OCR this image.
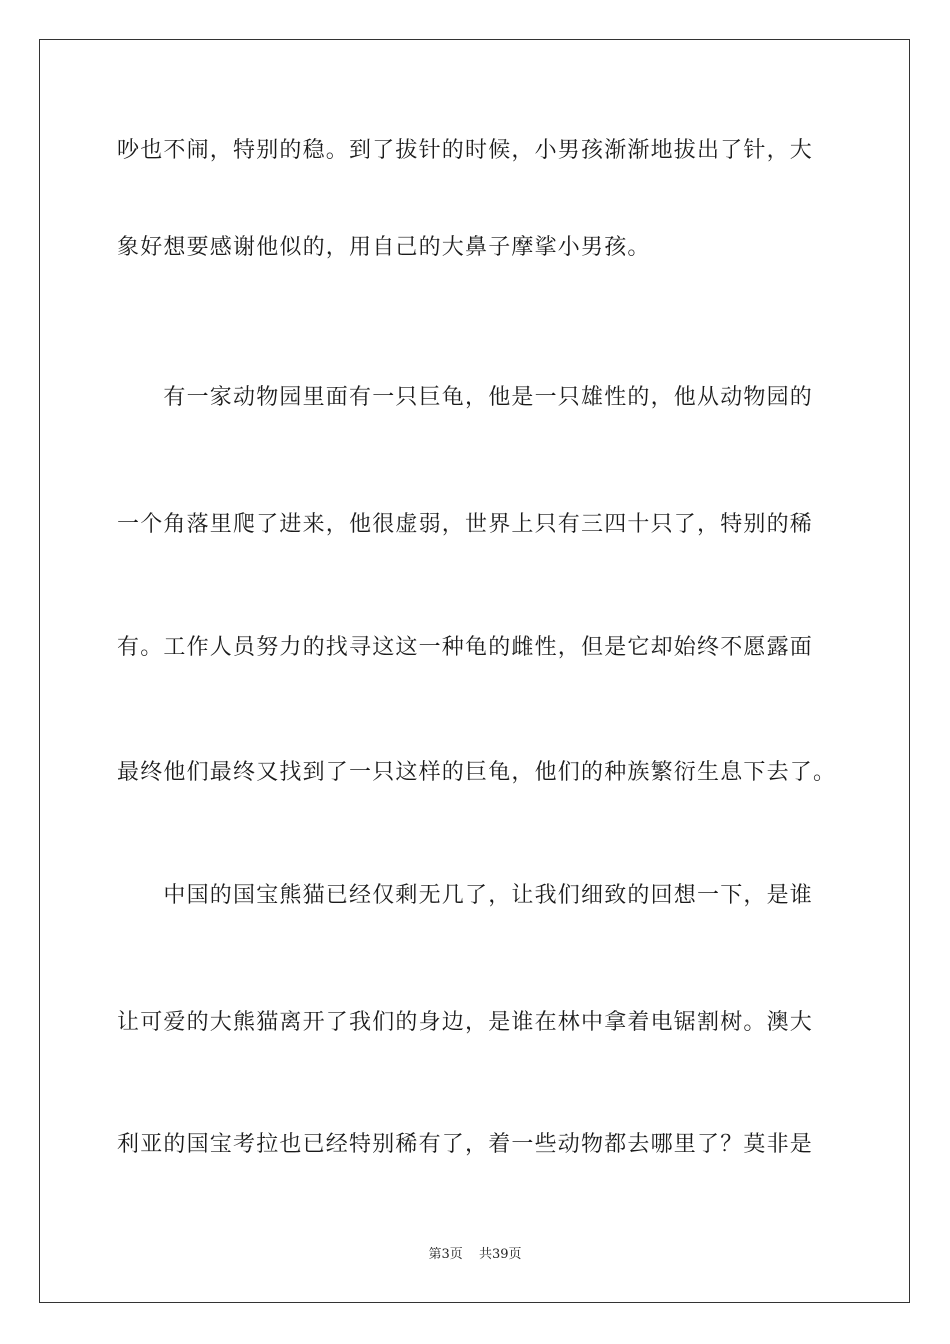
吵也不闹，特别的稳。到了拔针的时候，小男孩渐渐地拔出了针，大
象好想要感谢他似的，用自己的大鼻子摩挲小男孩。
　　有一家动物园里面有一只巨龟，他是一只雄性的，他从动物园的
一个角落里爬了进来，他很虚弱，世界上只有三四十只了，特别的稀
有。工作人员努力的找寻这这一种龟的雌性，但是它却始终不愿露面
最终他们最终又找到了一只这样的巨龟，他们的种族繁衍生息下去了。
　　中国的国宝熊猫已经仅剩无几了，让我们细致的回想一下，是谁
让可爱的大熊猫离开了我们的身边，是谁在林中拿着电锯割树。澳大
利亚的国宝考拉也已经特别稀有了，着一些动物都去哪里了？莫非是
第3页 共39页
